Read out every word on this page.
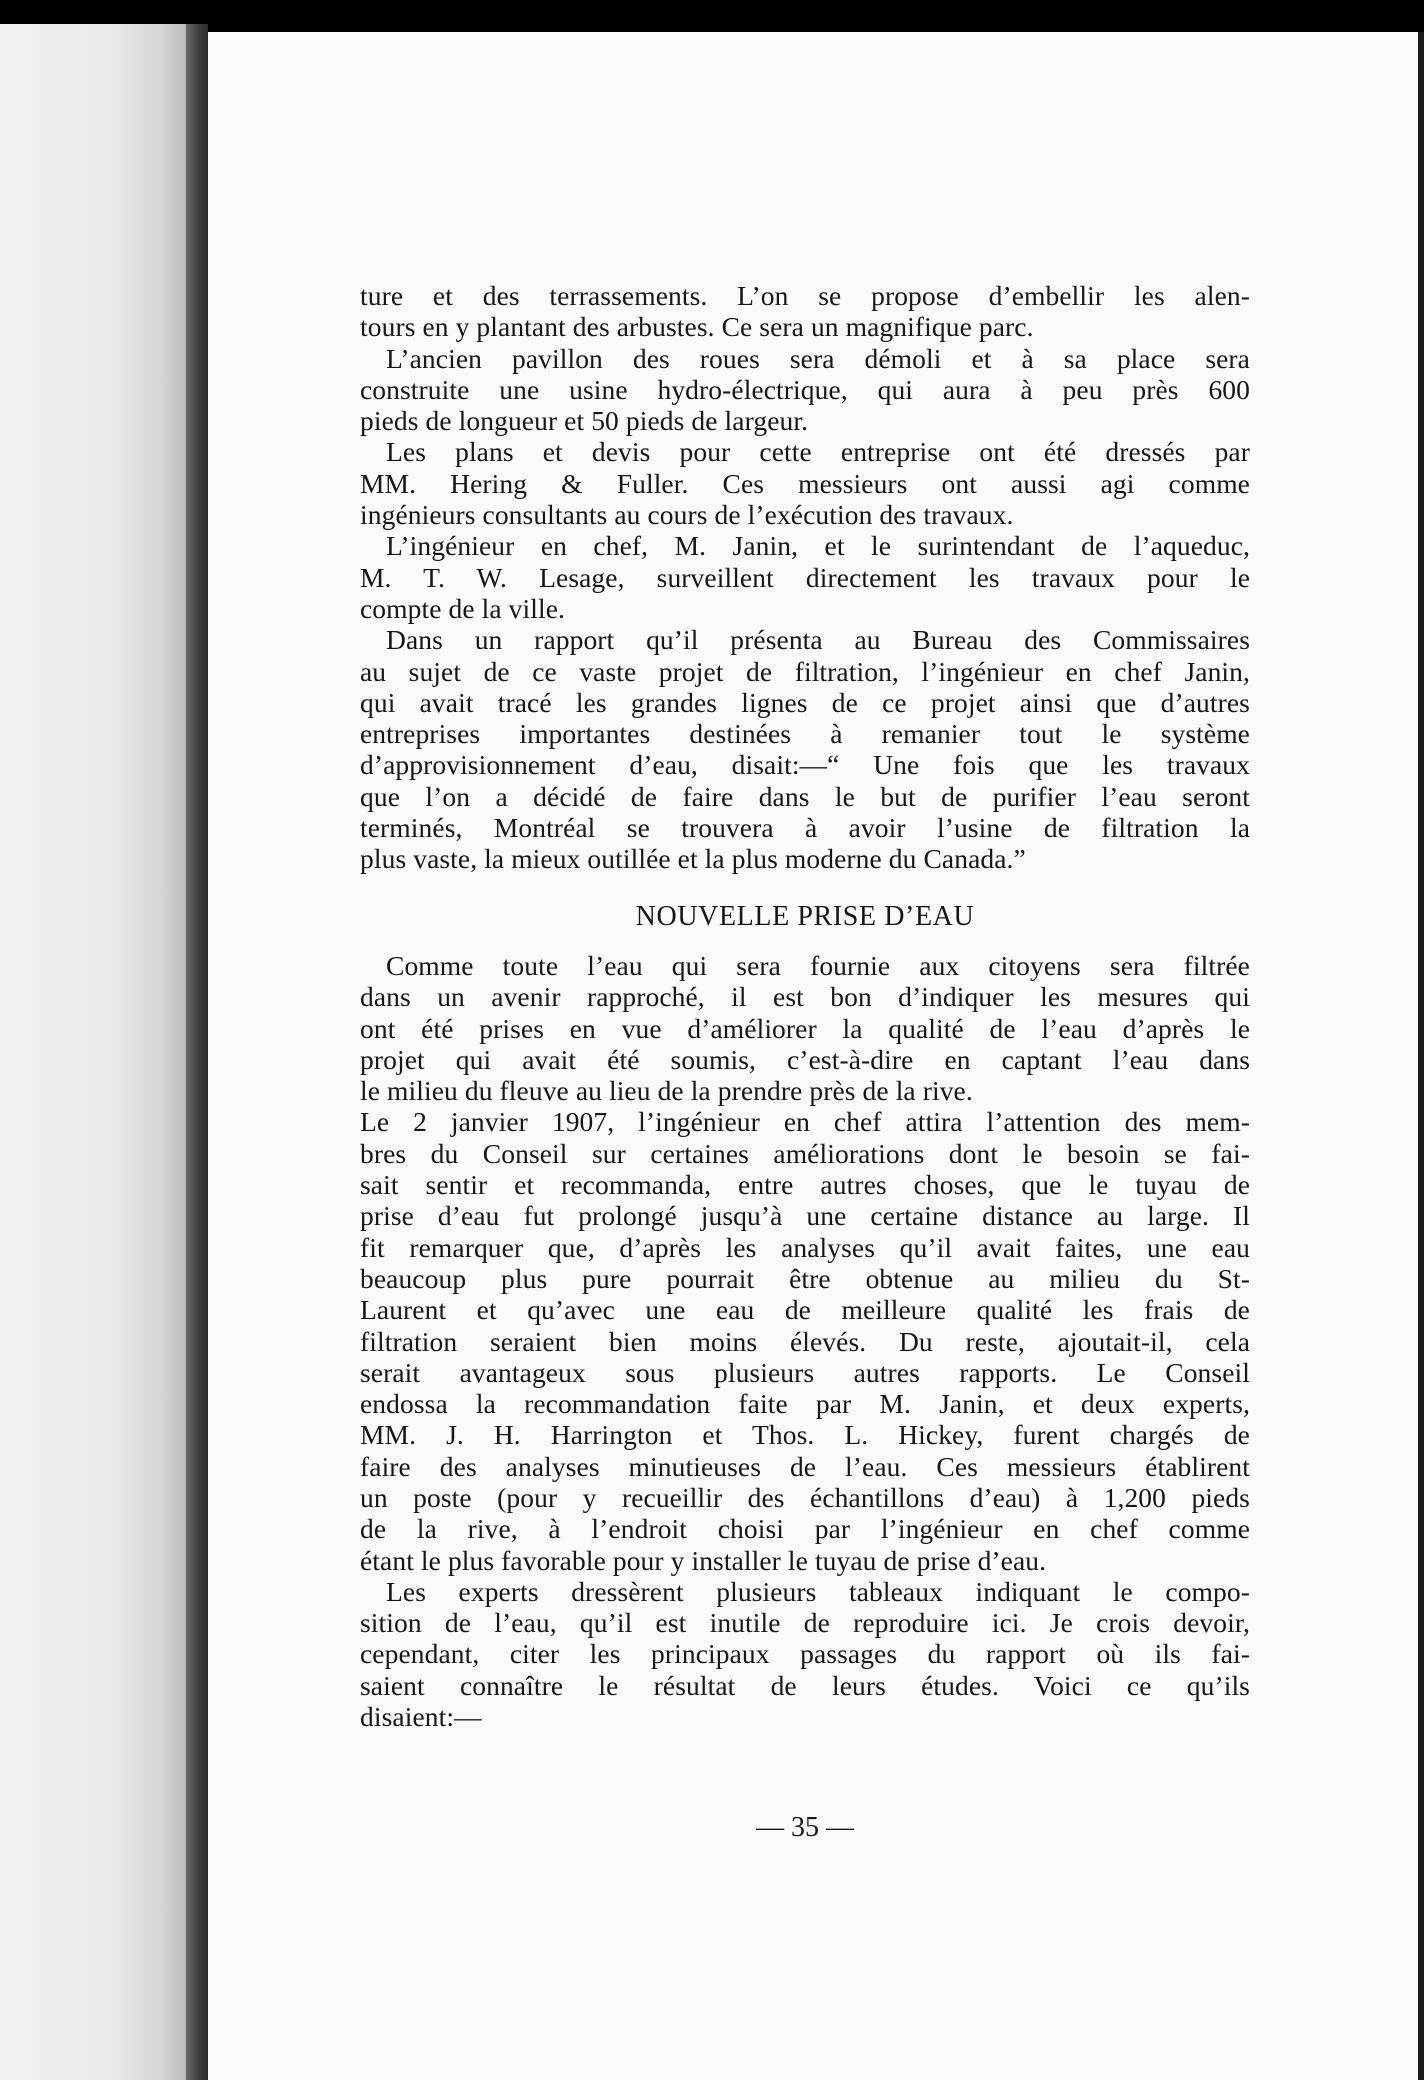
ture et des terrassements. L’on se propose d’embellir les alen-
tours en y plantant des arbustes. Ce sera un magnifique parc.
L’ancien pavillon des roues sera démoli et à sa place sera
construite une usine hydro-électrique, qui aura à peu près 600
pieds de longueur et 50 pieds de largeur.
Les plans et devis pour cette entreprise ont été dressés par
MM. Hering & Fuller. Ces messieurs ont aussi agi comme
ingénieurs consultants au cours de l’exécution des travaux.
L’ingénieur en chef, M. Janin, et le surintendant de l’aqueduc,
M. T. W. Lesage, surveillent directement les travaux pour le
compte de la ville.
Dans un rapport qu’il présenta au Bureau des Commissaires
au sujet de ce vaste projet de filtration, l’ingénieur en chef Janin,
qui avait tracé les grandes lignes de ce projet ainsi que d’autres
entreprises importantes destinées à remanier tout le système
d’approvisionnement d’eau, disait:—“ Une fois que les travaux
que l’on a décidé de faire dans le but de purifier l’eau seront
terminés, Montréal se trouvera à avoir l’usine de filtration la
plus vaste, la mieux outillée et la plus moderne du Canada.”
NOUVELLE PRISE D’EAU
Comme toute l’eau qui sera fournie aux citoyens sera filtrée
dans un avenir rapproché, il est bon d’indiquer les mesures qui
ont été prises en vue d’améliorer la qualité de l’eau d’après le
projet qui avait été soumis, c’est-à-dire en captant l’eau dans
le milieu du fleuve au lieu de la prendre près de la rive.
Le 2 janvier 1907, l’ingénieur en chef attira l’attention des mem-
bres du Conseil sur certaines améliorations dont le besoin se fai-
sait sentir et recommanda, entre autres choses, que le tuyau de
prise d’eau fut prolongé jusqu’à une certaine distance au large. Il
fit remarquer que, d’après les analyses qu’il avait faites, une eau
beaucoup plus pure pourrait être obtenue au milieu du St-
Laurent et qu’avec une eau de meilleure qualité les frais de
filtration seraient bien moins élevés. Du reste, ajoutait-il, cela
serait avantageux sous plusieurs autres rapports. Le Conseil
endossa la recommandation faite par M. Janin, et deux experts,
MM. J. H. Harrington et Thos. L. Hickey, furent chargés de
faire des analyses minutieuses de l’eau. Ces messieurs établirent
un poste (pour y recueillir des échantillons d’eau) à 1,200 pieds
de la rive, à l’endroit choisi par l’ingénieur en chef comme
étant le plus favorable pour y installer le tuyau de prise d’eau.
Les experts dressèrent plusieurs tableaux indiquant le compo-
sition de l’eau, qu’il est inutile de reproduire ici. Je crois devoir,
cependant, citer les principaux passages du rapport où ils fai-
saient connaître le résultat de leurs études. Voici ce qu’ils
disaient:—
— 35 —
